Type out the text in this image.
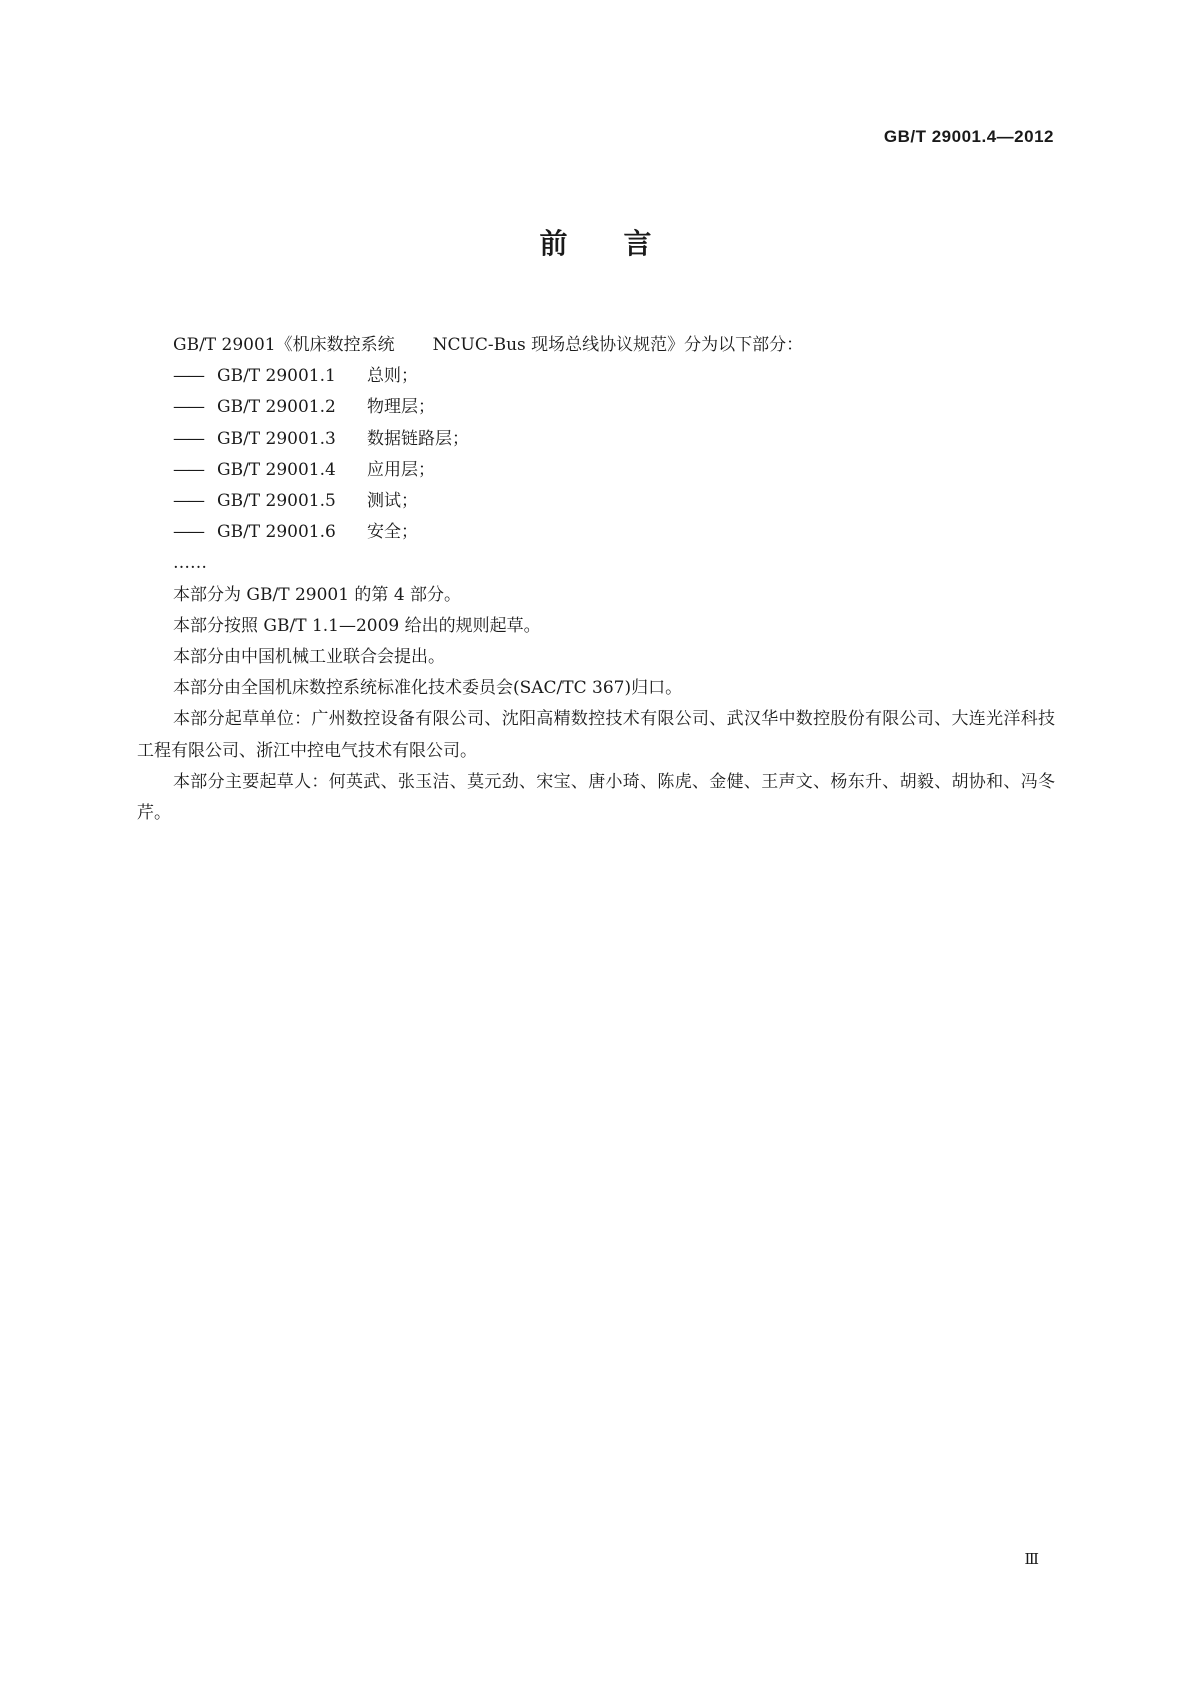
GB/T 29001.4—2012
前言

GB/T 29001《机床数控系统 NCUC-Bus 现场总线协议规范》分为以下部分：

—— GB/T 29001.1 总则；

—— GB/T 29001.2 物理层；

—— GB/T 29001.3 数据链路层；

—— GB/T 29001.4 应用层；

—— GB/T 29001.5 测试；

—— GB/T 29001.6 安全；

……

本部分为 GB/T 29001 的第 4 部分。

本部分按照 GB/T 1.1—2009 给出的规则起草。

本部分由中国机械工业联合会提出。

本部分由全国机床数控系统标准化技术委员会(SAC/TC 367)归口。

本部分起草单位：广州数控设备有限公司、沈阳高精数控技术有限公司、武汉华中数控股份有限公司、大连光洋科技工程有限公司、浙江中控电气技术有限公司。

本部分主要起草人：何英武、张玉洁、莫元劲、宋宝、唐小琦、陈虎、金健、王声文、杨东升、胡毅、胡协和、冯冬芹。

Ⅲ
